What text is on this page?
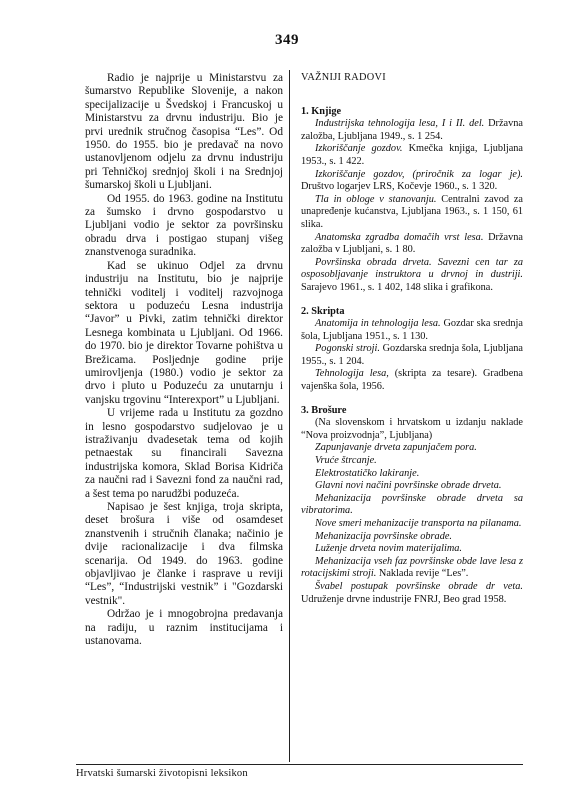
349

Radio je najprije u Ministarstvu za šumarstvo Republike Slovenije, a nakon specijalizacije u Švedskoj i Francuskoj u Ministarstvu za drvnu industriju. Bio je prvi urednik stručnog časopisa “Les”. Od 1950. do 1955. bio je predavač na novo ustanovljenom odjelu za drvnu industriju pri Tehničkoj srednjoj školi i na Srednjoj šumarskoj školi u Ljubljani.

Od 1955. do 1963. godine na Institutu za šumsko i drvno gospodarstvo u Ljubljani vodio je sektor za površinsku obradu drva i postigao stupanj višeg znanstvenoga suradnika.

Kad se ukinuo Odjel za drvnu industriju na Institutu, bio je najprije tehnički voditelj i voditelj razvojnoga sektora u poduzeću Lesna industrija “Javor” u Pivki, zatim tehnički direktor Lesnega kombinata u Ljubljani. Od 1966. do 1970. bio je direktor Tovarne pohištva u Brežicama. Posljednje godine prije umirovljenja (1980.) vodio je sektor za drvo i pluto u Poduzeću za unutarnju i vanjsku trgovinu “Interexport” u Ljubljani.

U vrijeme rada u Institutu za gozdno in lesno gospodarstvo sudjelovao je u istraživanju dvadesetak tema od kojih petnaestak su financirali Savezna industrijska komora, Sklad Borisa Kidriča za naučni rad i Savezni fond za naučni rad, a šest tema po narudžbi poduzeća.

Napisao je šest knjiga, troja skripta, deset brošura i više od osamdeset znanstvenih i stručnih članaka; načinio je dvije racionalizacije i dva filmska scenarija. Od 1949. do 1963. godine objavljivao je članke i rasprave u reviji “Les”, “Industrijski vestnik” i "Gozdarski vestnik".

Održao je i mnogobrojna predavanja na radiju, u raznim institucijama i ustanovama.

VAŽNIJI RADOVI
1. Knjige

Industrijska tehnologija lesa, I i II. del. Državna založba, Ljubljana 1949., s. 1 254.

Izkoriščanje gozdov. Kmečka knjiga, Ljubljana 1953., s. 1 422.

Izkoriščanje gozdov, (priročnik za logar je). Društvo logarjev LRS, Kočevje 1960., s. 1 320.

Tla in obloge v stanovanju. Centralni zavod za unapređenje kućanstva, Ljubljana 1963., s. 1 150, 61 slika.

Anatomska zgradba domačih vrst lesa. Državna založba v Ljubljani, s. 1 80.

Površinska obrada drveta. Savezni cen tar za osposobljavanje instruktora u drvnoj in dustriji. Sarajevo 1961., s. 1 402, 148 slika i grafikona.

2. Skripta

Anatomija in tehnologija lesa. Gozdar ska srednja šola, Ljubljana 1951., s. 1 130.

Pogonski stroji. Gozdarska srednja šola, Ljubljana 1955., s. 1 204.

Tehnologija lesa, (skripta za tesare). Gradbena vajenška šola, 1956.

3. Brošure

(Na slovenskom i hrvatskom u izdanju naklade “Nova proizvodnja”, Ljubljana)

Zapunjavanje drveta zapunjačem pora.

Vruće štrcanje.

Elektrostatičko lakiranje.

Glavni novi načini površinske obrade drveta.

Mehanizacija površinske obrade drveta sa vibratorima.

Nove smeri mehanizacije transporta na pilanama.

Mehanizacija površinske obrade.

Luženje drveta novim materijalima.

Mehanizacija vseh faz površinske obde lave lesa z rotacijskimi stroji. Naklada revije “Les”.

Švabel postupak površinske obrade dr veta. Udruženje drvne industrije FNRJ, Beo grad 1958.

Hrvatski šumarski životopisni leksikon
